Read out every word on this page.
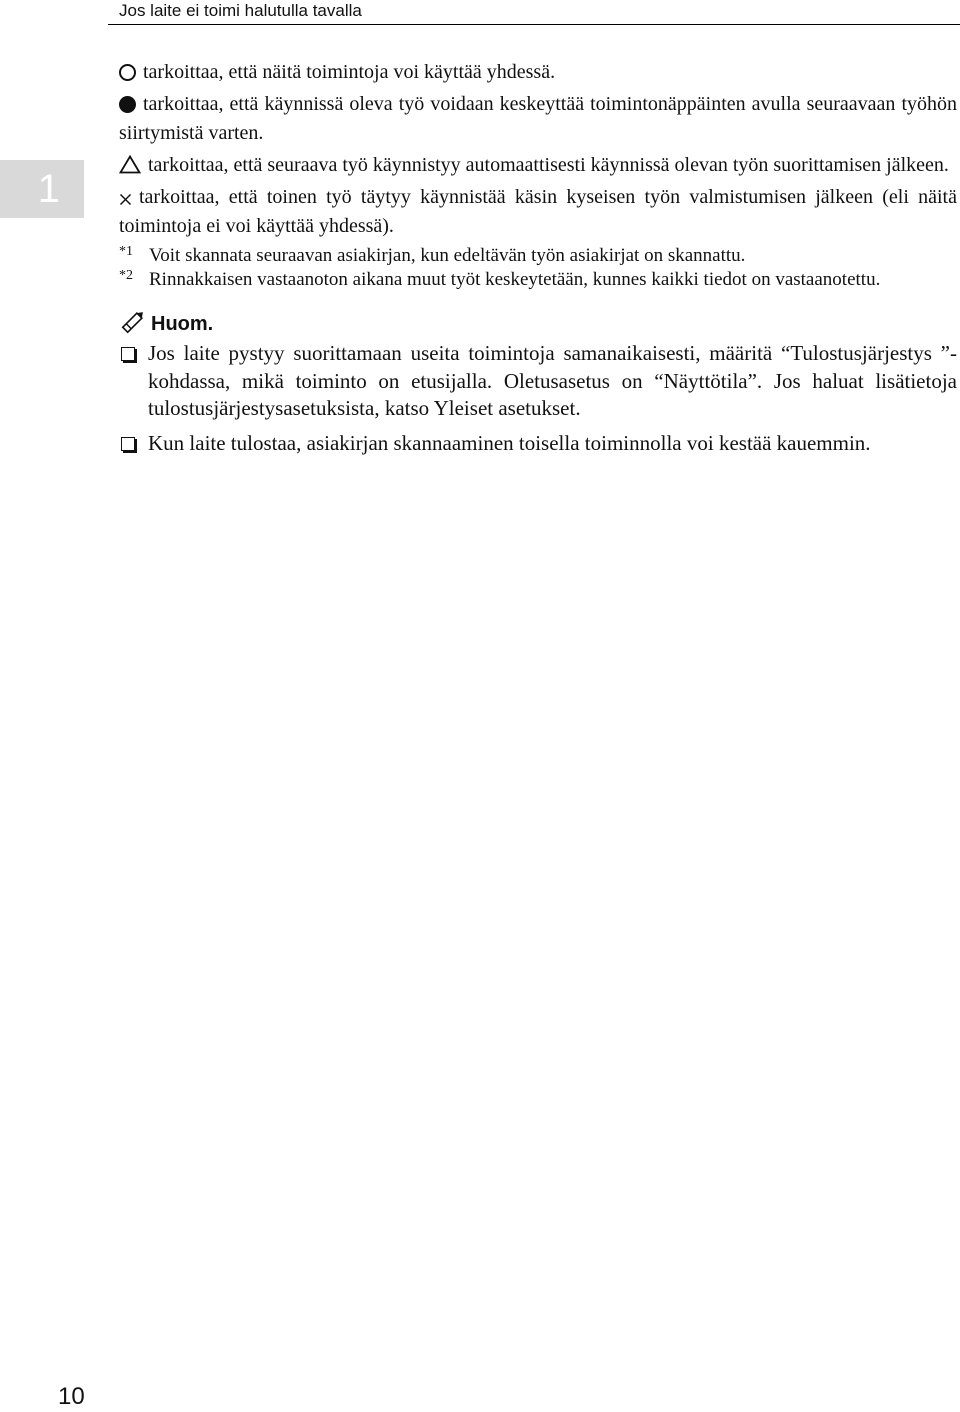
Jos laite ei toimi halutulla tavalla
1

tarkoittaa, että näitä toimintoja voi käyttää yhdessä.

tarkoittaa, että käynnissä oleva työ voidaan keskeyttää toimintonäppäinten avulla seuraavaan työhön siirtymistä varten.

tarkoittaa, että seuraava työ käynnistyy automaattisesti käynnissä olevan työn suorittamisen jälkeen.

tarkoittaa, että toinen työ täytyy käynnistää käsin kyseisen työn valmistumisen jälkeen (eli näitä toimintoja ei voi käyttää yhdessä).

*1 Voit skannata seuraavan asiakirjan, kun edeltävän työn asiakirjat on skannattu.
*2 Rinnakkaisen vastaanoton aikana muut työt keskeytetään, kunnes kaikki tiedot on vastaanotettu.
Huom.
Jos laite pystyy suorittamaan useita toimintoja samanaikaisesti, määritä “Tulostusjärjestys ”-kohdassa, mikä toiminto on etusijalla. Oletusasetus on “Näyttötila”. Jos haluat lisätietoja tulostusjärjestysasetuksista, katso Yleiset asetukset.
Kun laite tulostaa, asiakirjan skannaaminen toisella toiminnolla voi kestää kauemmin.
10
